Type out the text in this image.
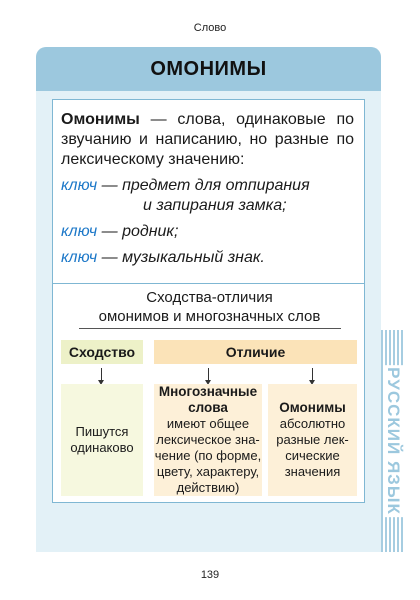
Слово
ОМОНИМЫ

Омонимы — слова, одинаковые по звучанию и написанию, но разные по лексическому значению:

ключ — предмет для отпирания
и запирания замка;

ключ — родник;

ключ — музыкальный знак.

Сходства-отличия
омонимов и многозначных слов
Сходство	Отличие
Пишутся
одинаково
Многозначные
слова
имеют общее
лексическое зна-
чение (по форме,
цвету, характеру,
действию)
Омонимы
абсолютно
разные лек-
сические
значения	РУССКИЙ ЯЗЫК
139
